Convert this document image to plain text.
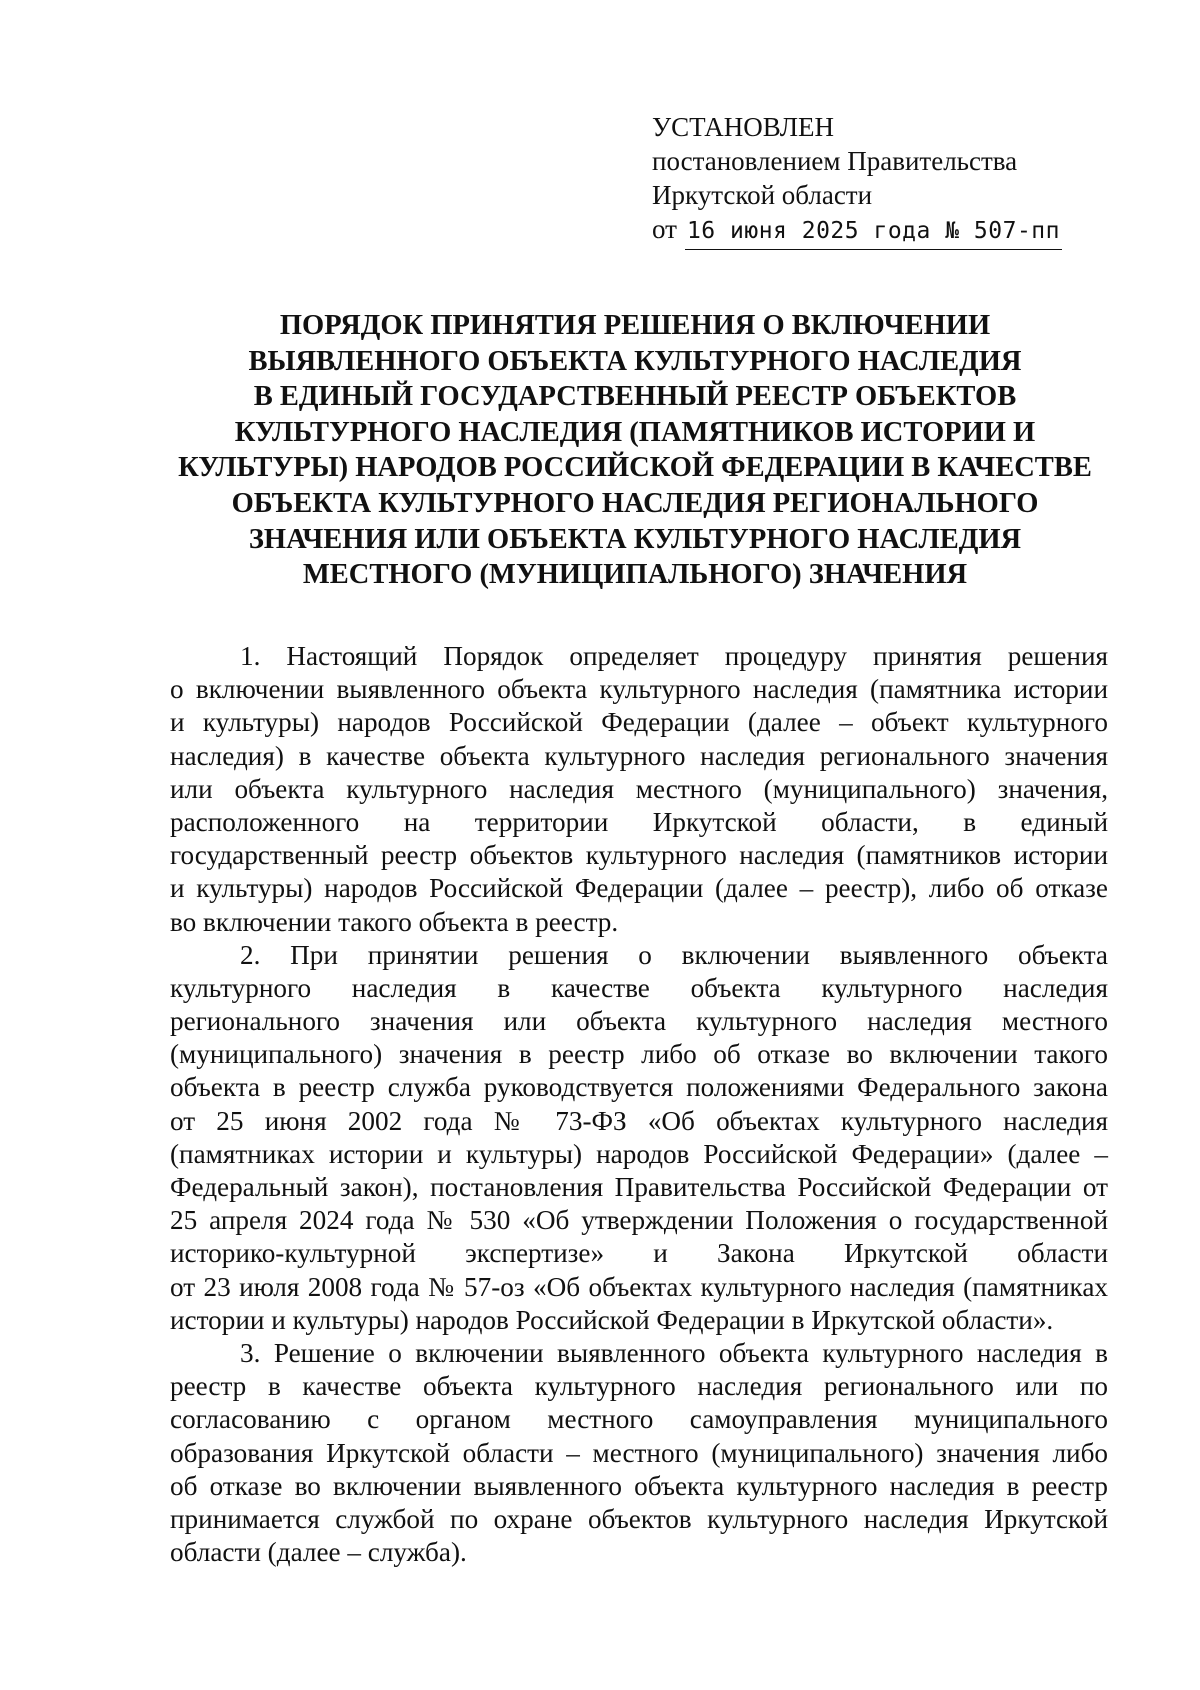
УСТАНОВЛЕН
постановлением Правительства
Иркутской области
от 16 июня 2025 года № 507-пп
ПОРЯДОК ПРИНЯТИЯ РЕШЕНИЯ О ВКЛЮЧЕНИИ
ВЫЯВЛЕННОГО ОБЪЕКТА КУЛЬТУРНОГО НАСЛЕДИЯ
В ЕДИНЫЙ ГОСУДАРСТВЕННЫЙ РЕЕСТР ОБЪЕКТОВ
КУЛЬТУРНОГО НАСЛЕДИЯ (ПАМЯТНИКОВ ИСТОРИИ И
КУЛЬТУРЫ) НАРОДОВ РОССИЙСКОЙ ФЕДЕРАЦИИ В КАЧЕСТВЕ
ОБЪЕКТА КУЛЬТУРНОГО НАСЛЕДИЯ РЕГИОНАЛЬНОГО
ЗНАЧЕНИЯ ИЛИ ОБЪЕКТА КУЛЬТУРНОГО НАСЛЕДИЯ
МЕСТНОГО (МУНИЦИПАЛЬНОГО) ЗНАЧЕНИЯ
1. Настоящий Порядок определяет процедуру принятия решения
о включении выявленного объекта культурного наследия (памятника истории
и культуры) народов Российской Федерации (далее – объект культурного
наследия) в качестве объекта культурного наследия регионального значения
или объекта культурного наследия местного (муниципального) значения,
расположенного на территории Иркутской области, в единый
государственный реестр объектов культурного наследия (памятников истории
и культуры) народов Российской Федерации (далее – реестр), либо об отказе
во включении такого объекта в реестр.
2. При принятии решения о включении выявленного объекта
культурного наследия в качестве объекта культурного наследия
регионального значения или объекта культурного наследия местного
(муниципального) значения в реестр либо об отказе во включении такого
объекта в реестр служба руководствуется положениями Федерального закона
от 25 июня 2002 года № 73-ФЗ «Об объектах культурного наследия
(памятниках истории и культуры) народов Российской Федерации» (далее –
Федеральный закон), постановления Правительства Российской Федерации от
25 апреля 2024 года № 530 «Об утверждении Положения о государственной
историко-культурной экспертизе» и Закона Иркутской области
от 23 июля 2008 года № 57-оз «Об объектах культурного наследия (памятниках
истории и культуры) народов Российской Федерации в Иркутской области».
3. Решение о включении выявленного объекта культурного наследия в
реестр в качестве объекта культурного наследия регионального или по
согласованию с органом местного самоуправления муниципального
образования Иркутской области – местного (муниципального) значения либо
об отказе во включении выявленного объекта культурного наследия в реестр
принимается службой по охране объектов культурного наследия Иркутской
области (далее – служба).
